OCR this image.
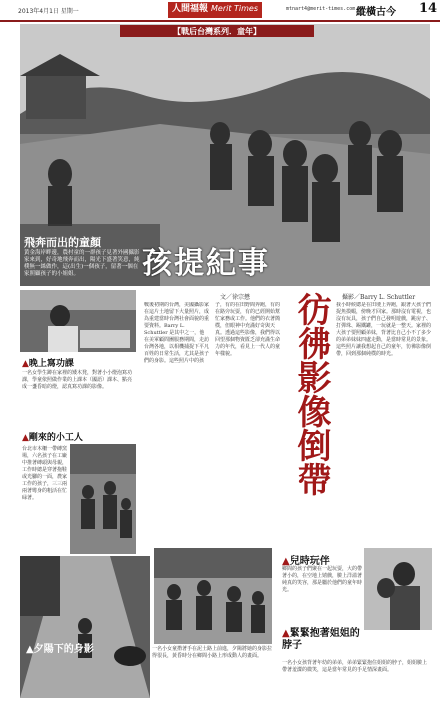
2013年4月1日 星期一	人間福報 Merit Times	mtnart4@merit-times.com.tw
縱橫古今 14
【戰后台灣系列．童年】
飛奔而出的童顏
黃金海岸畔邊，農村童的一群孩子見著外國攝影家來到，好奇地飛奔而出，陽光下盛著笑意，純樸無一絲做作，這(出生)一個孩子，留著一個在家照顧孩子的小姐姐。	孩提紀事
▲晚上寫功課
一名女學生蹲在家裡的矮木凳，對著小小燈泡寫功課，學童依照做作業的上課本（國語）課本、點亮成一盞昏暗的燈，認真寫功課的影像。
▲剛來的小工人
台北市木柵一帶磚窯場，六名孩子在工廠中推著磚頭與母親，工作時總是穿著拖鞋或光腳的一面，農家工作的孩子，三三兩兩著彎身的粗活在忙碌著。
文／徐宗懋
戰後初期的台灣，美國攝影家在這片土地留下大量照片，成為重建當時台灣社會面貌的重要資料。Barry L. Schuttler 是其中之一，他在美軍顧問團服務期間，走訪台灣各地，以相機捕捉下平凡百姓的日常生活，尤其是孩子們的身影。這些照片中的孩子，有的在田野間奔跑，有的在路旁玩耍，有的已經開始幫忙家務或工作。他們的衣著簡樸，但眼神中充滿好奇與天真。透過這些影像，我們得以回望那個物資匱乏卻充滿生命力的年代，看見上一代人的童年樣貌。	彷彿影像倒帶 攝影／Barry L. Schuttler
我小時候總是在田埂上奔跑，跟著大孩子們捉魚摸蝦，傍晚才回家。那時沒有電視，也沒有玩具，孩子們自己發明遊戲，跳房子、打彈珠、踢鐵罐，一玩就是一整天。家裡的大孩子要照顧弟妹，背著比自己小不了多少的弟弟妹妹四處走動，是當時常見的景象。這些照片讓我想起自己的童年，彷彿影像倒帶，回到那個純樸的時光。
▲夕陽下的身影	一名小女童揹著手在泥土路上前進，夕陽將她的身影拉得很長，黃昏時分在鄉間小路上形成動人的畫面。
▲兒時玩伴
鄉間的孩子們聚在一起玩耍，大的帶著小的，在空地上嬉戲，臉上洋溢著純真的笑容，那是屬於他們的童年時光。
▲緊緊抱著姐姐的脖子
一名小女孩背著年幼的弟弟，弟弟緊緊抱住姐姐的脖子，姐姐臉上帶著羞澀的微笑，這是當年常見的手足情深畫面。
